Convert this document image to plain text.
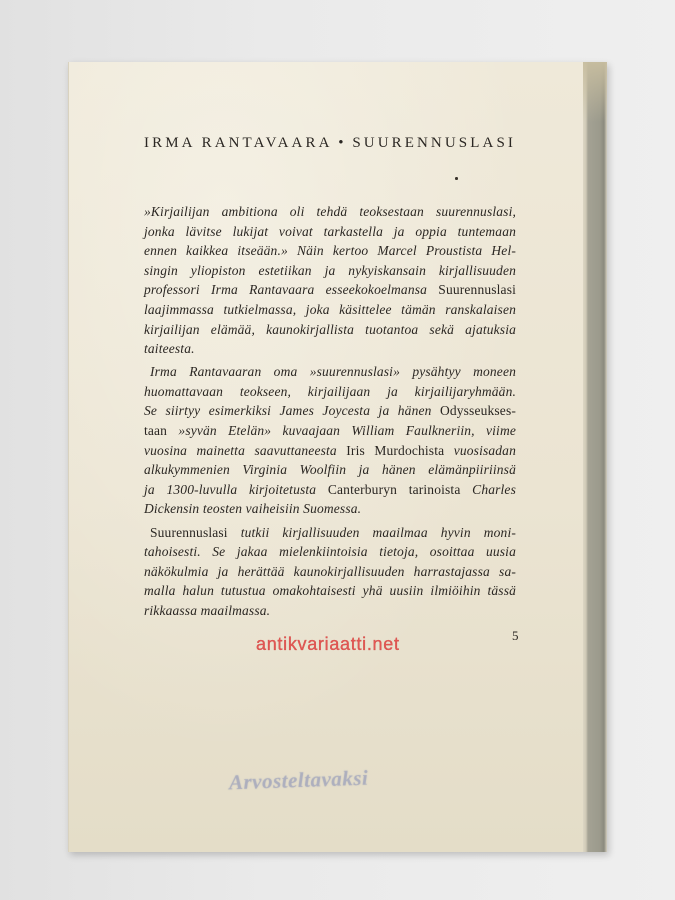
IRMA RANTAVAARA • SUURENNUSLASI
»Kirjailijan ambitiona oli tehdä teoksestaan suurennuslasi,
jonka lävitse lukijat voivat tarkastella ja oppia tuntemaan
ennen kaikkea itseään.» Näin kertoo Marcel Proustista Hel-
singin yliopiston estetiikan ja nykyiskansain kirjallisuuden
professori Irma Rantavaara esseekokoelmansa Suurennuslasi
laajimmassa tutkielmassa, joka käsittelee tämän ranskalaisen
kirjailijan elämää, kaunokirjallista tuotantoa sekä ajatuksia
taiteesta.
Irma Rantavaaran oma »suurennuslasi» pysähtyy moneen
huomattavaan teokseen, kirjailijaan ja kirjailijaryhmään.
Se siirtyy esimerkiksi James Joycesta ja hänen Odysseukses-
taan »syvän Etelän» kuvaajaan William Faulkneriin, viime
vuosina mainetta saavuttaneesta Iris Murdochista vuosisadan
alkukymmenien Virginia Woolfiin ja hänen elämänpiiriinsä
ja 1300-luvulla kirjoitetusta Canterburyn tarinoista Charles
Dickensin teosten vaiheisiin Suomessa.
Suurennuslasi tutkii kirjallisuuden maailmaa hyvin moni-
tahoisesti. Se jakaa mielenkiintoisia tietoja, osoittaa uusia
näkökulmia ja herättää kaunokirjallisuuden harrastajassa sa-
malla halun tutustua omakohtaisesti yhä uusiin ilmiöihin tässä
rikkaassa maailmassa.
5
antikvariaatti.net
Arvosteltavaksi
